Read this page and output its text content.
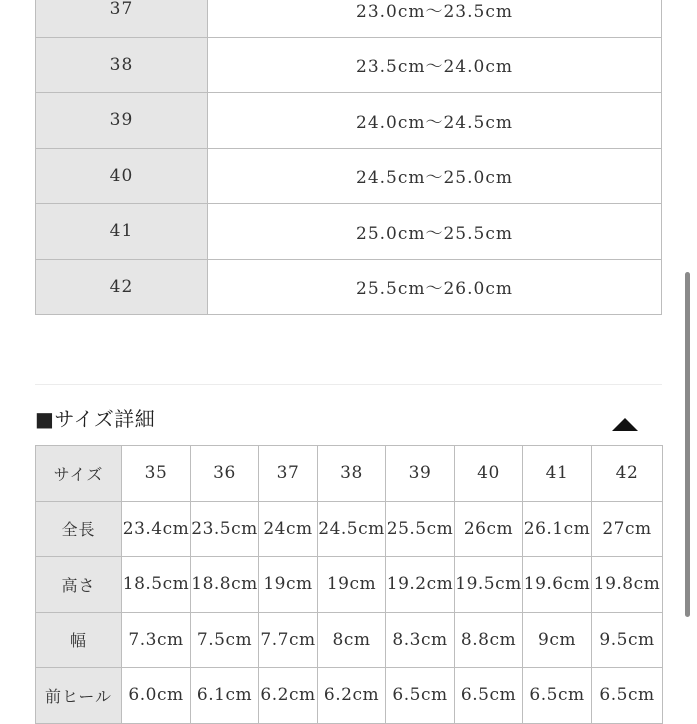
37	23.0cm～23.5cm
38	23.5cm～24.0cm
39	24.0cm～24.5cm
40	24.5cm～25.0cm
41	25.0cm～25.5cm
42	25.5cm～26.0cm
■サイズ詳細
サイズ	35	36	37	38	39	40	41	42
全長	23.4cm	23.5cm	24cm	24.5cm	25.5cm	26cm	26.1cm	27cm
高さ	18.5cm	18.8cm	19cm	19cm	19.2cm	19.5cm	19.6cm	19.8cm
幅	7.3cm	7.5cm	7.7cm	8cm	8.3cm	8.8cm	9cm	9.5cm
前ヒール	6.0cm	6.1cm	6.2cm	6.2cm	6.5cm	6.5cm	6.5cm	6.5cm
